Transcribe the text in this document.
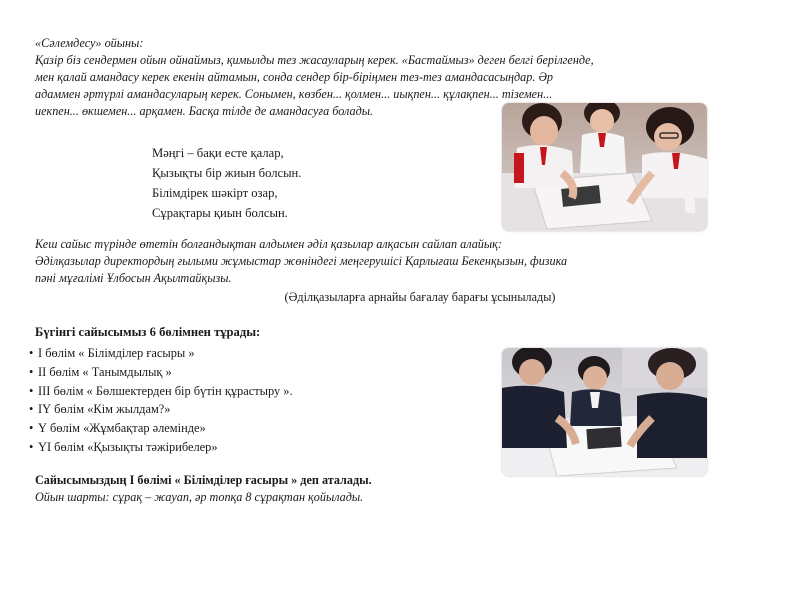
«Сәлемдесу» ойыны:

Қазір біз сендермен ойын ойнаймыз, қимылды тез жасауларың керек. «Бастаймыз» деген белгі берілгенде,

мен қалай амандасу керек екенін айтамын, сонда сендер бір-біріңмен тез-тез амандасасыңдар. Әр

адаммен әртүрлі амандасуларың керек. Сонымен, көзбен... қолмен... иықпен... құлақпен... тіземен...

иекпен... өкшемен... арқамен. Басқа тілде де амандасуға болады.

Мәңгі – бақи есте қалар,
Қызықты бір жиын болсын.
Білімдірек шәкірт озар,
Сұрақтары қиын болсын.

Кеш сайыс түрінде өтетін болғандықтан алдымен әділ қазылар алқасын сайлап алайық:

Әділқазылар директордың ғылыми жұмыстар жөніндегі меңгерушісі Қарлығаш Бекенқызын, физика

пәні мұғалімі Ұлбосын Ақылтайқызы.

(Әділқазыларға арнайы бағалау барағы ұсынылады)

Бүгінгі сайысымыз 6 бөлімнен тұрады:
• І бөлім « Білімділер ғасыры »
• ІІ бөлім « Танымдылық »
• ІІІ бөлім « Бөлшектерден бір бүтін құрастыру ».
• ІҮ бөлім «Кім жылдам?»
• Ү бөлім «Жұмбақтар әлемінде»
• ҮІ бөлім «Қызықты тәжірибелер»

Сайысымыздың І бөлімі « Білімділер ғасыры » деп аталады.

Ойын шарты: сұрақ – жауап, әр топқа 8 сұрақтан қойылады.
